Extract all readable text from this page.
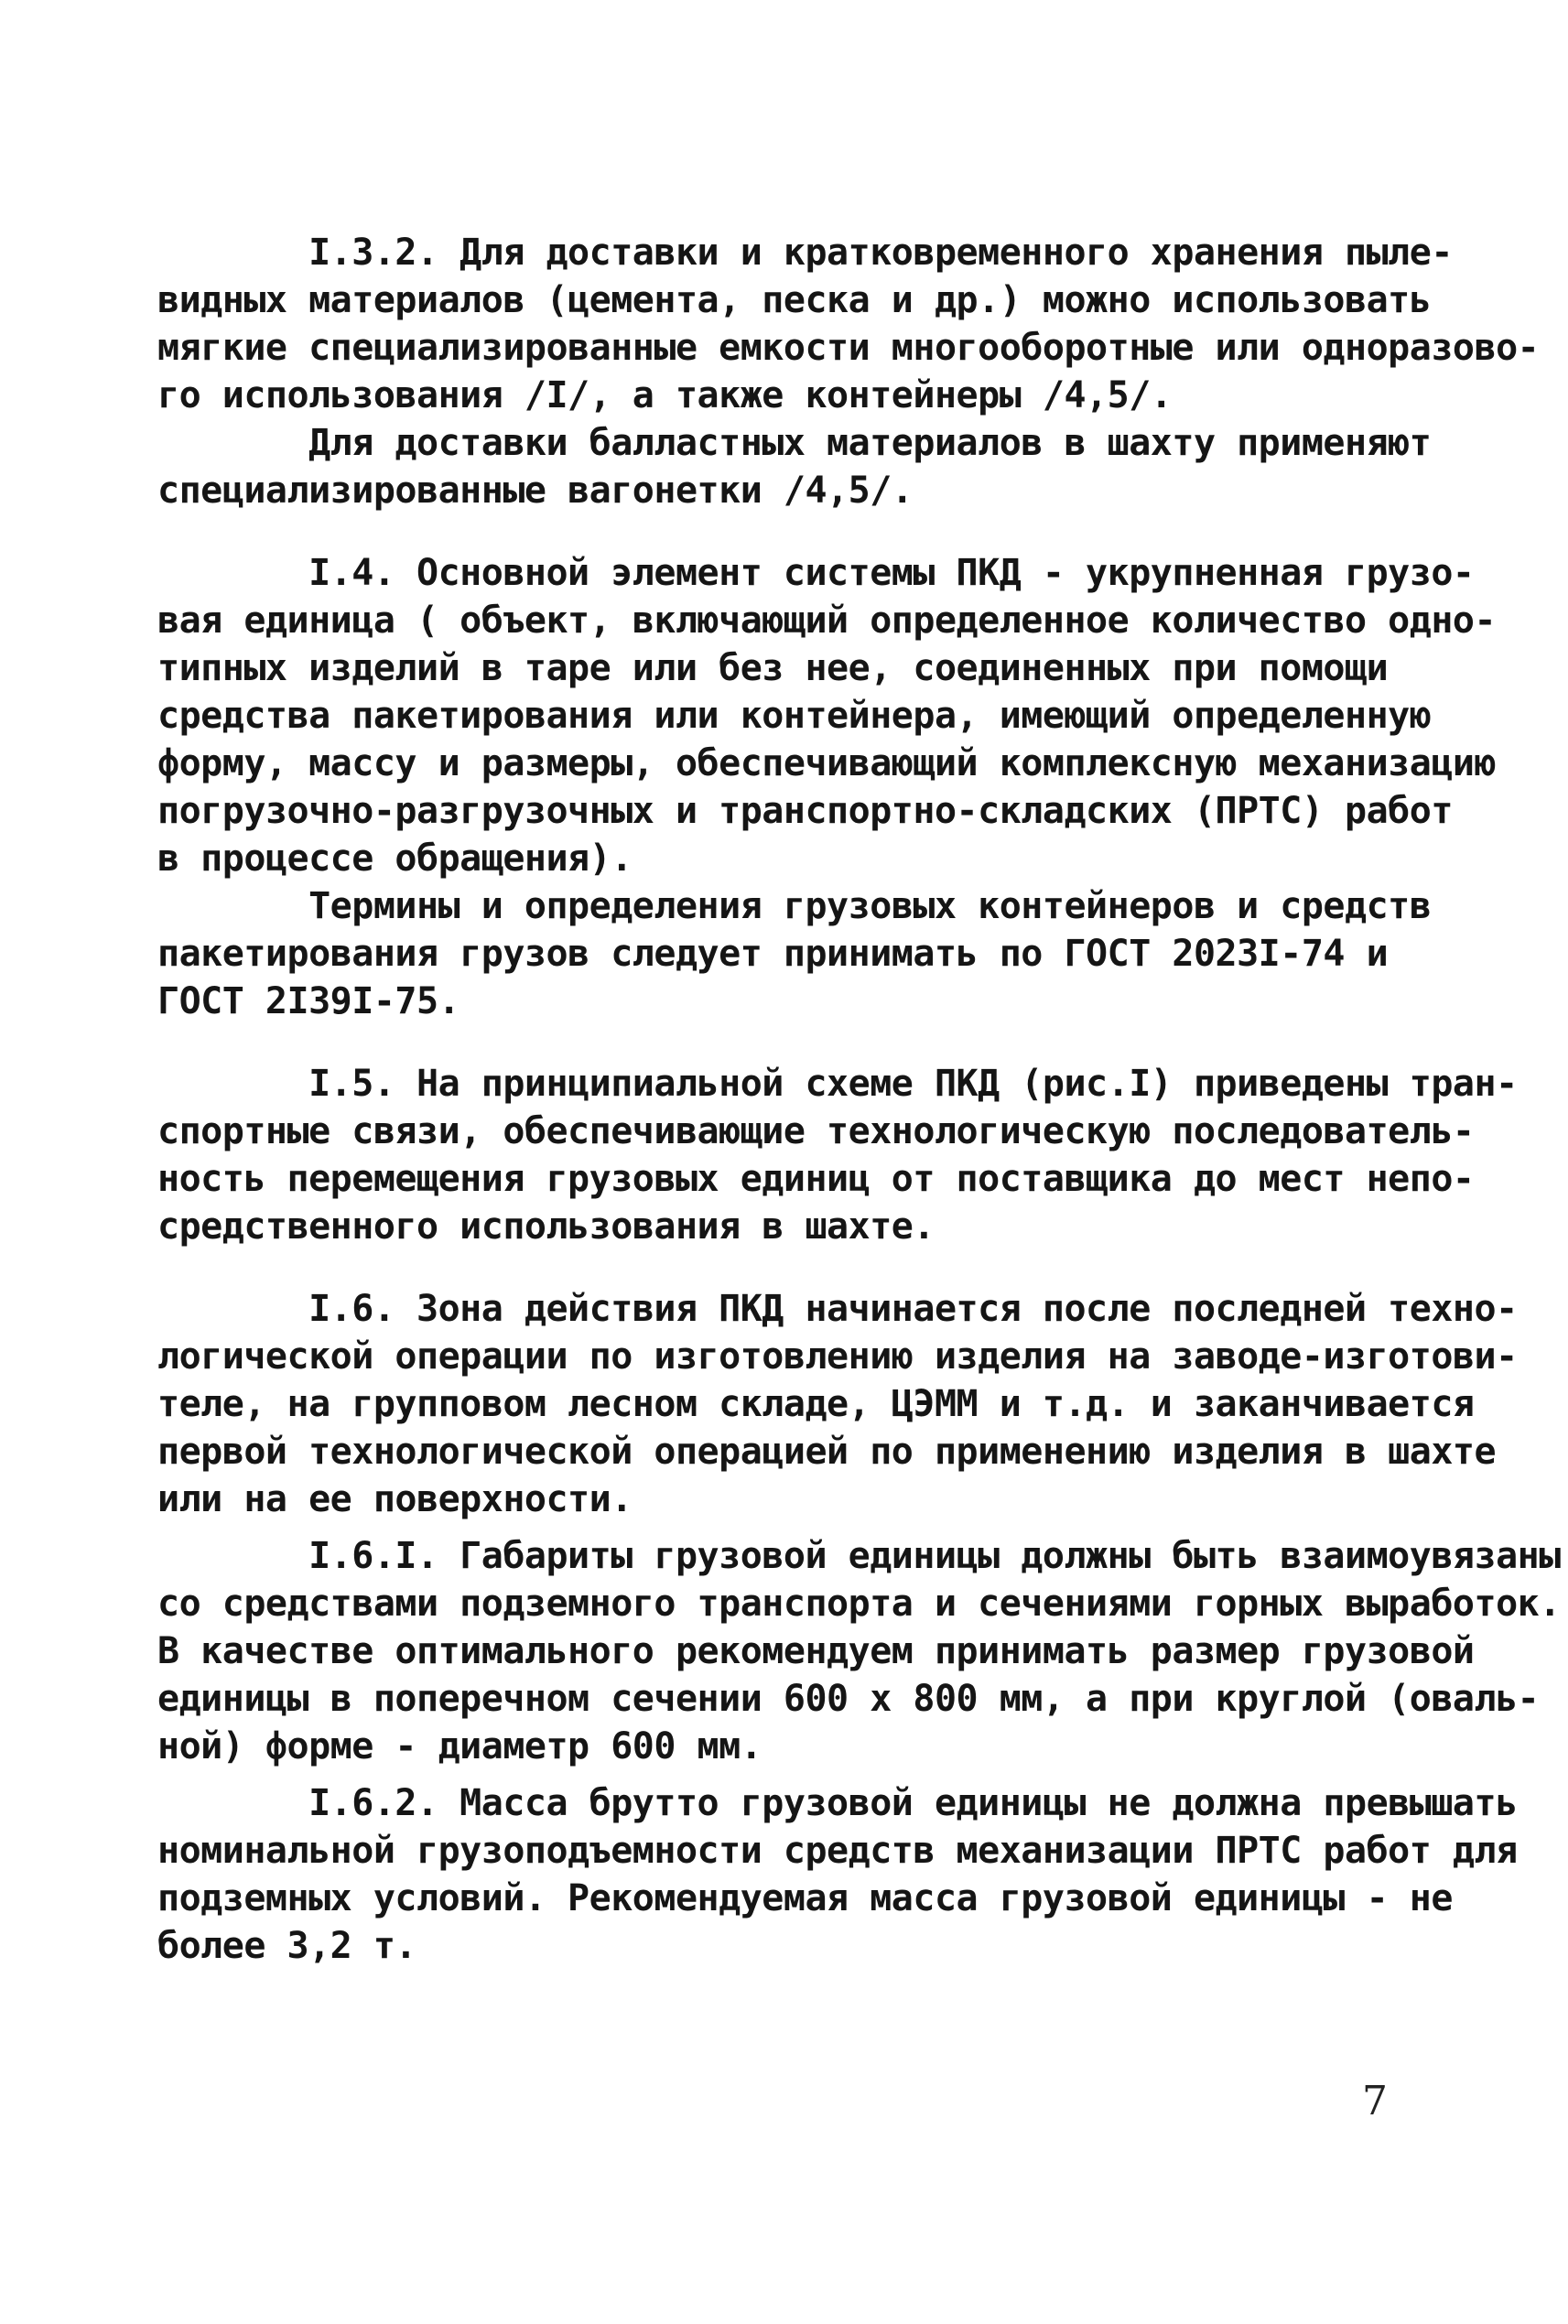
I.3.2. Для доставки и кратковременного хранения пыле-
видных материалов (цемента, песка и др.) можно использовать
мягкие специализированные емкости многооборотные или одноразово-
го использования /I/, а также контейнеры /4,5/.
Для доставки балластных материалов в шахту применяют
специализированные вагонетки /4,5/.
I.4. Основной элемент системы ПКД - укрупненная грузо-
вая единица ( объект, включающий определенное количество одно-
типных изделий в таре или без нее, соединенных при помощи
средства пакетирования или контейнера, имеющий определенную
форму, массу и размеры, обеспечивающий комплексную механизацию
погрузочно-разгрузочных и транспортно-складских (ПРТС) работ
в процессе обращения).
Термины и определения грузовых контейнеров и средств
пакетирования грузов следует принимать по ГОСТ 2023I-74 и
ГОСТ 2I39I-75.
I.5. На принципиальной схеме ПКД (рис.I) приведены тран-
спортные связи, обеспечивающие технологическую последователь-
ность перемещения грузовых единиц от поставщика до мест непо-
средственного использования в шахте.
I.6. Зона действия ПКД начинается после последней техно-
логической операции по изготовлению изделия на заводе-изготови-
теле, на групповом лесном складе, ЦЭММ и т.д. и заканчивается
первой технологической операцией по применению изделия в шахте
или на ее поверхности.
I.6.I. Габариты грузовой единицы должны быть взаимоувязаны
со средствами подземного транспорта и сечениями горных выработок.
В качестве оптимального рекомендуем принимать размер грузовой
единицы в поперечном сечении 600 х 800 мм, а при круглой (оваль-
ной) форме - диаметр 600 мм.
I.6.2. Масса брутто грузовой единицы не должна превышать
номинальной грузоподъемности средств механизации ПРТС работ для
подземных условий. Рекомендуемая масса грузовой единицы - не
более 3,2 т.
7
